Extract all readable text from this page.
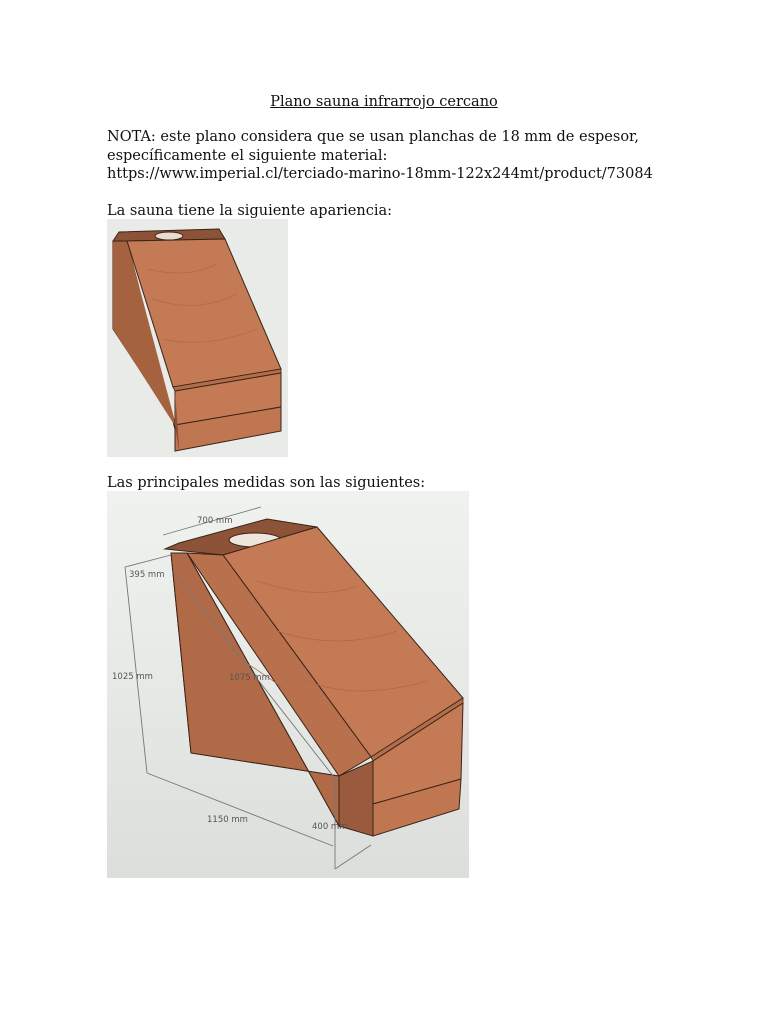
Plano sauna infrarrojo cercano
NOTA: este plano considera que se usan planchas de 18 mm de espesor,
específicamente el siguiente material:
https://www.imperial.cl/terciado-marino-18mm-122x244mt/product/73084
La sauna tiene la siguiente apariencia:
Las principales medidas son las siguientes:
700 mm
395 mm
1025 mm	1075 mm
1150 mm
400 mm
